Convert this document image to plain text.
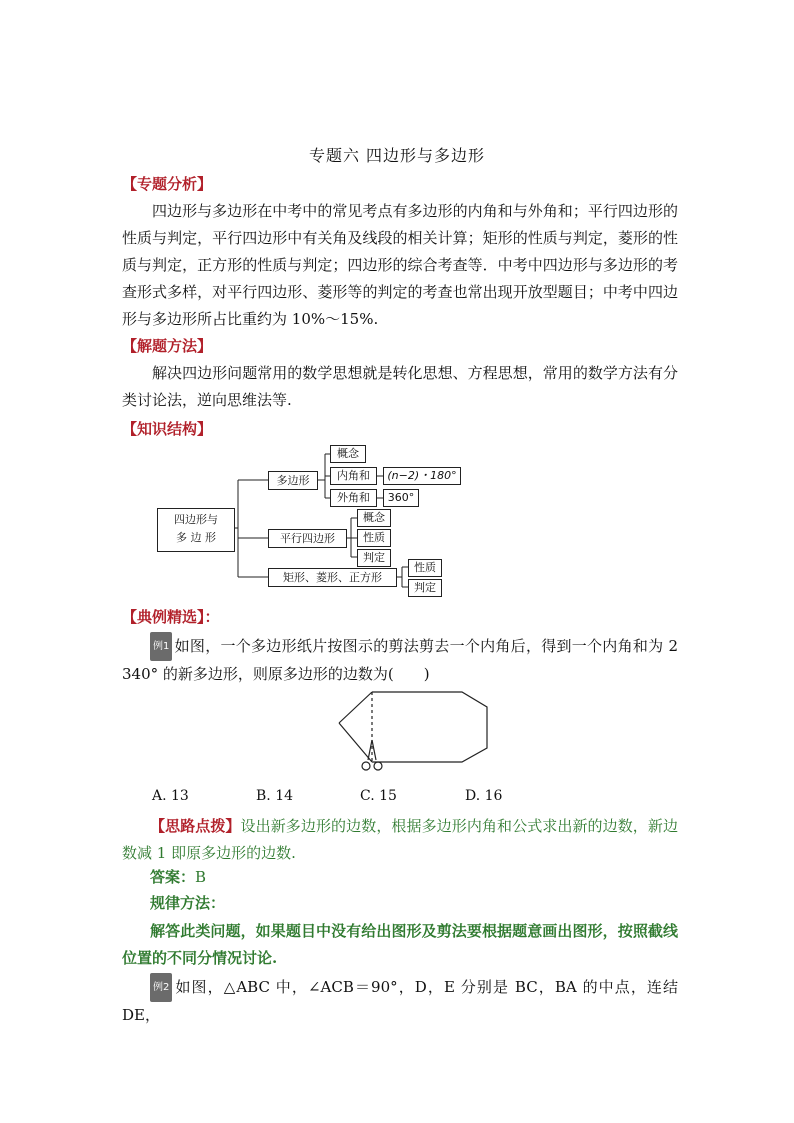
专题六 四边形与多边形
【专题分析】
四边形与多边形在中考中的常见考点有多边形的内角和与外角和；平行四边形的性质与判定，平行四边形中有关角及线段的相关计算；矩形的性质与判定，菱形的性质与判定，正方形的性质与判定；四边形的综合考查等．中考中四边形与多边形的考查形式多样，对平行四边形、菱形等的判定的考查也常出现开放型题目；中考中四边形与多边形所占比重约为 10%～15%.
【解题方法】
解决四边形问题常用的数学思想就是转化思想、方程思想，常用的数学方法有分类讨论法，逆向思维法等.
【知识结构】
四边形与
多 边 形
多边形
概念
内角和	(n−2)・180°
外角和	360°
平行四边形
概念
性质
判定
矩形、菱形、正方形
性质
判定
【典例精选】：
例1 如图，一个多边形纸片按图示的剪法剪去一个内角后，得到一个内角和为 2 340° 的新多边形，则原多边形的边数为(　　)
A. 13	B. 14	C. 15	D. 16
【思路点拨】设出新多边形的边数，根据多边形内角和公式求出新的边数，新边数减 1 即原多边形的边数.
答案：B
规律方法：
解答此类问题，如果题目中没有给出图形及剪法要根据题意画出图形，按照截线位置的不同分情况讨论.
例2 如图，△ABC 中，∠ACB＝90°，D，E 分别是 BC，BA 的中点，连结 DE，
